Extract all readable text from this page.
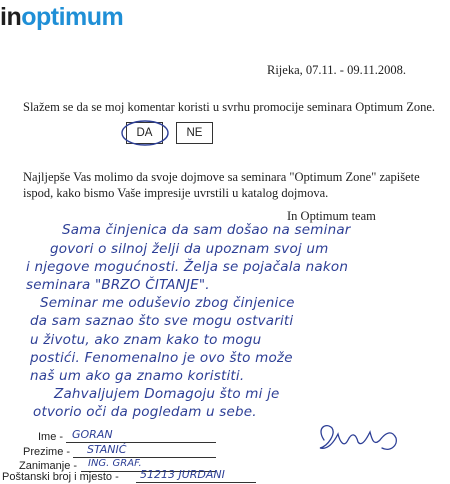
inoptimum
Rijeka, 07.11. - 09.11.2008.
Slažem se da se moj komentar koristi u svrhu promocije seminara Optimum Zone.
DA	NE
Najljepše Vas molimo da svoje dojmove sa seminara "Optimum Zone" zapišete
ispod, kako bismo Vaše impresije uvrstili u katalog dojmova.
In Optimum team
Sama činjenica da sam došao na seminar
govori o silnoj želji da upoznam svoj um
i njegove mogućnosti. Želja se pojačala nakon
seminara "BRZO ČITANJE".
Seminar me oduševio zbog činjenice
da sam saznao što sve mogu ostvariti
u životu, ako znam kako to mogu
postići. Fenomenalno je ovo što može
naš um ako ga znamo koristiti.
Zahvaljujem Domagoju što mi je
otvorio oči da pogledam u sebe.
Ime - GORAN
Prezime - STANIĆ
Zanimanje - ING. GRAF.
Poštanski broj i mjesto - 51213 JURDANI
